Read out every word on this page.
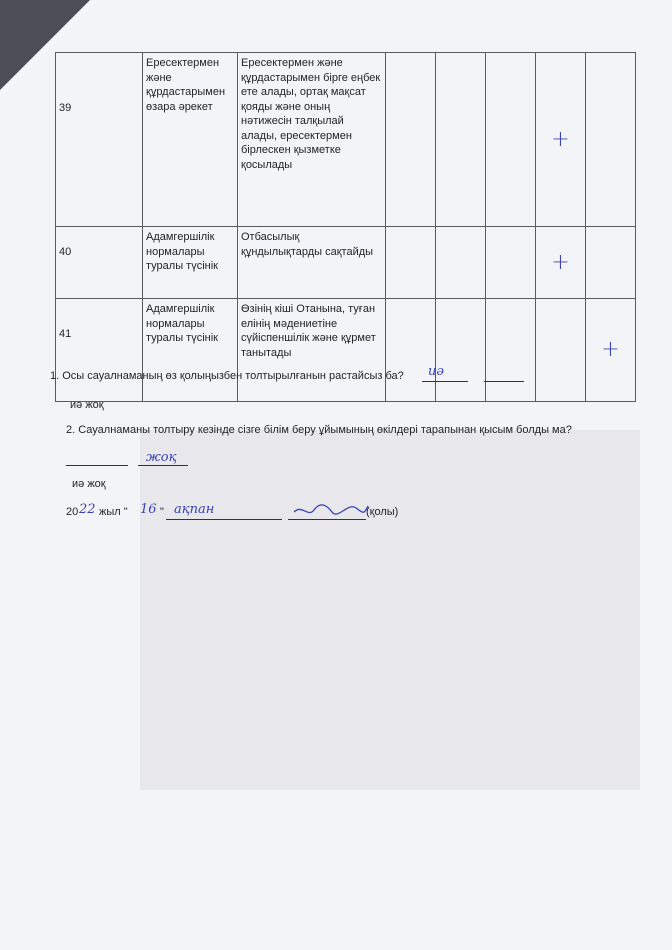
39	Ересектермен және құрдастарымен өзара әрекет	Ересектермен және құрдастарымен бірге еңбек ете алады, ортақ мақсат қояды және оның нәтижесін талқылай алады, ересектермен бірлескен қызметке қосылады				+	
40	Адамгершілік нормалары туралы түсінік	Отбасылық құндылықтарды сақтайды				+	
41	Адамгершілік нормалары туралы түсінік	Өзінің кіші Отанына, туған елінің мәдениетіне сүйіспеншілік және құрмет танытады					+
1. Осы сауалнаманың өз қолыңызбен толтырылғанын растайсыз ба? иә
иә жоқ
2. Сауалнаманы толтыру кезінде сізге білім беру ұйымының өкілдері тарапынан қысым болды ма?
жоқ
иә жоқ
20 22 жыл " 16 " ақпан	(қолы)
